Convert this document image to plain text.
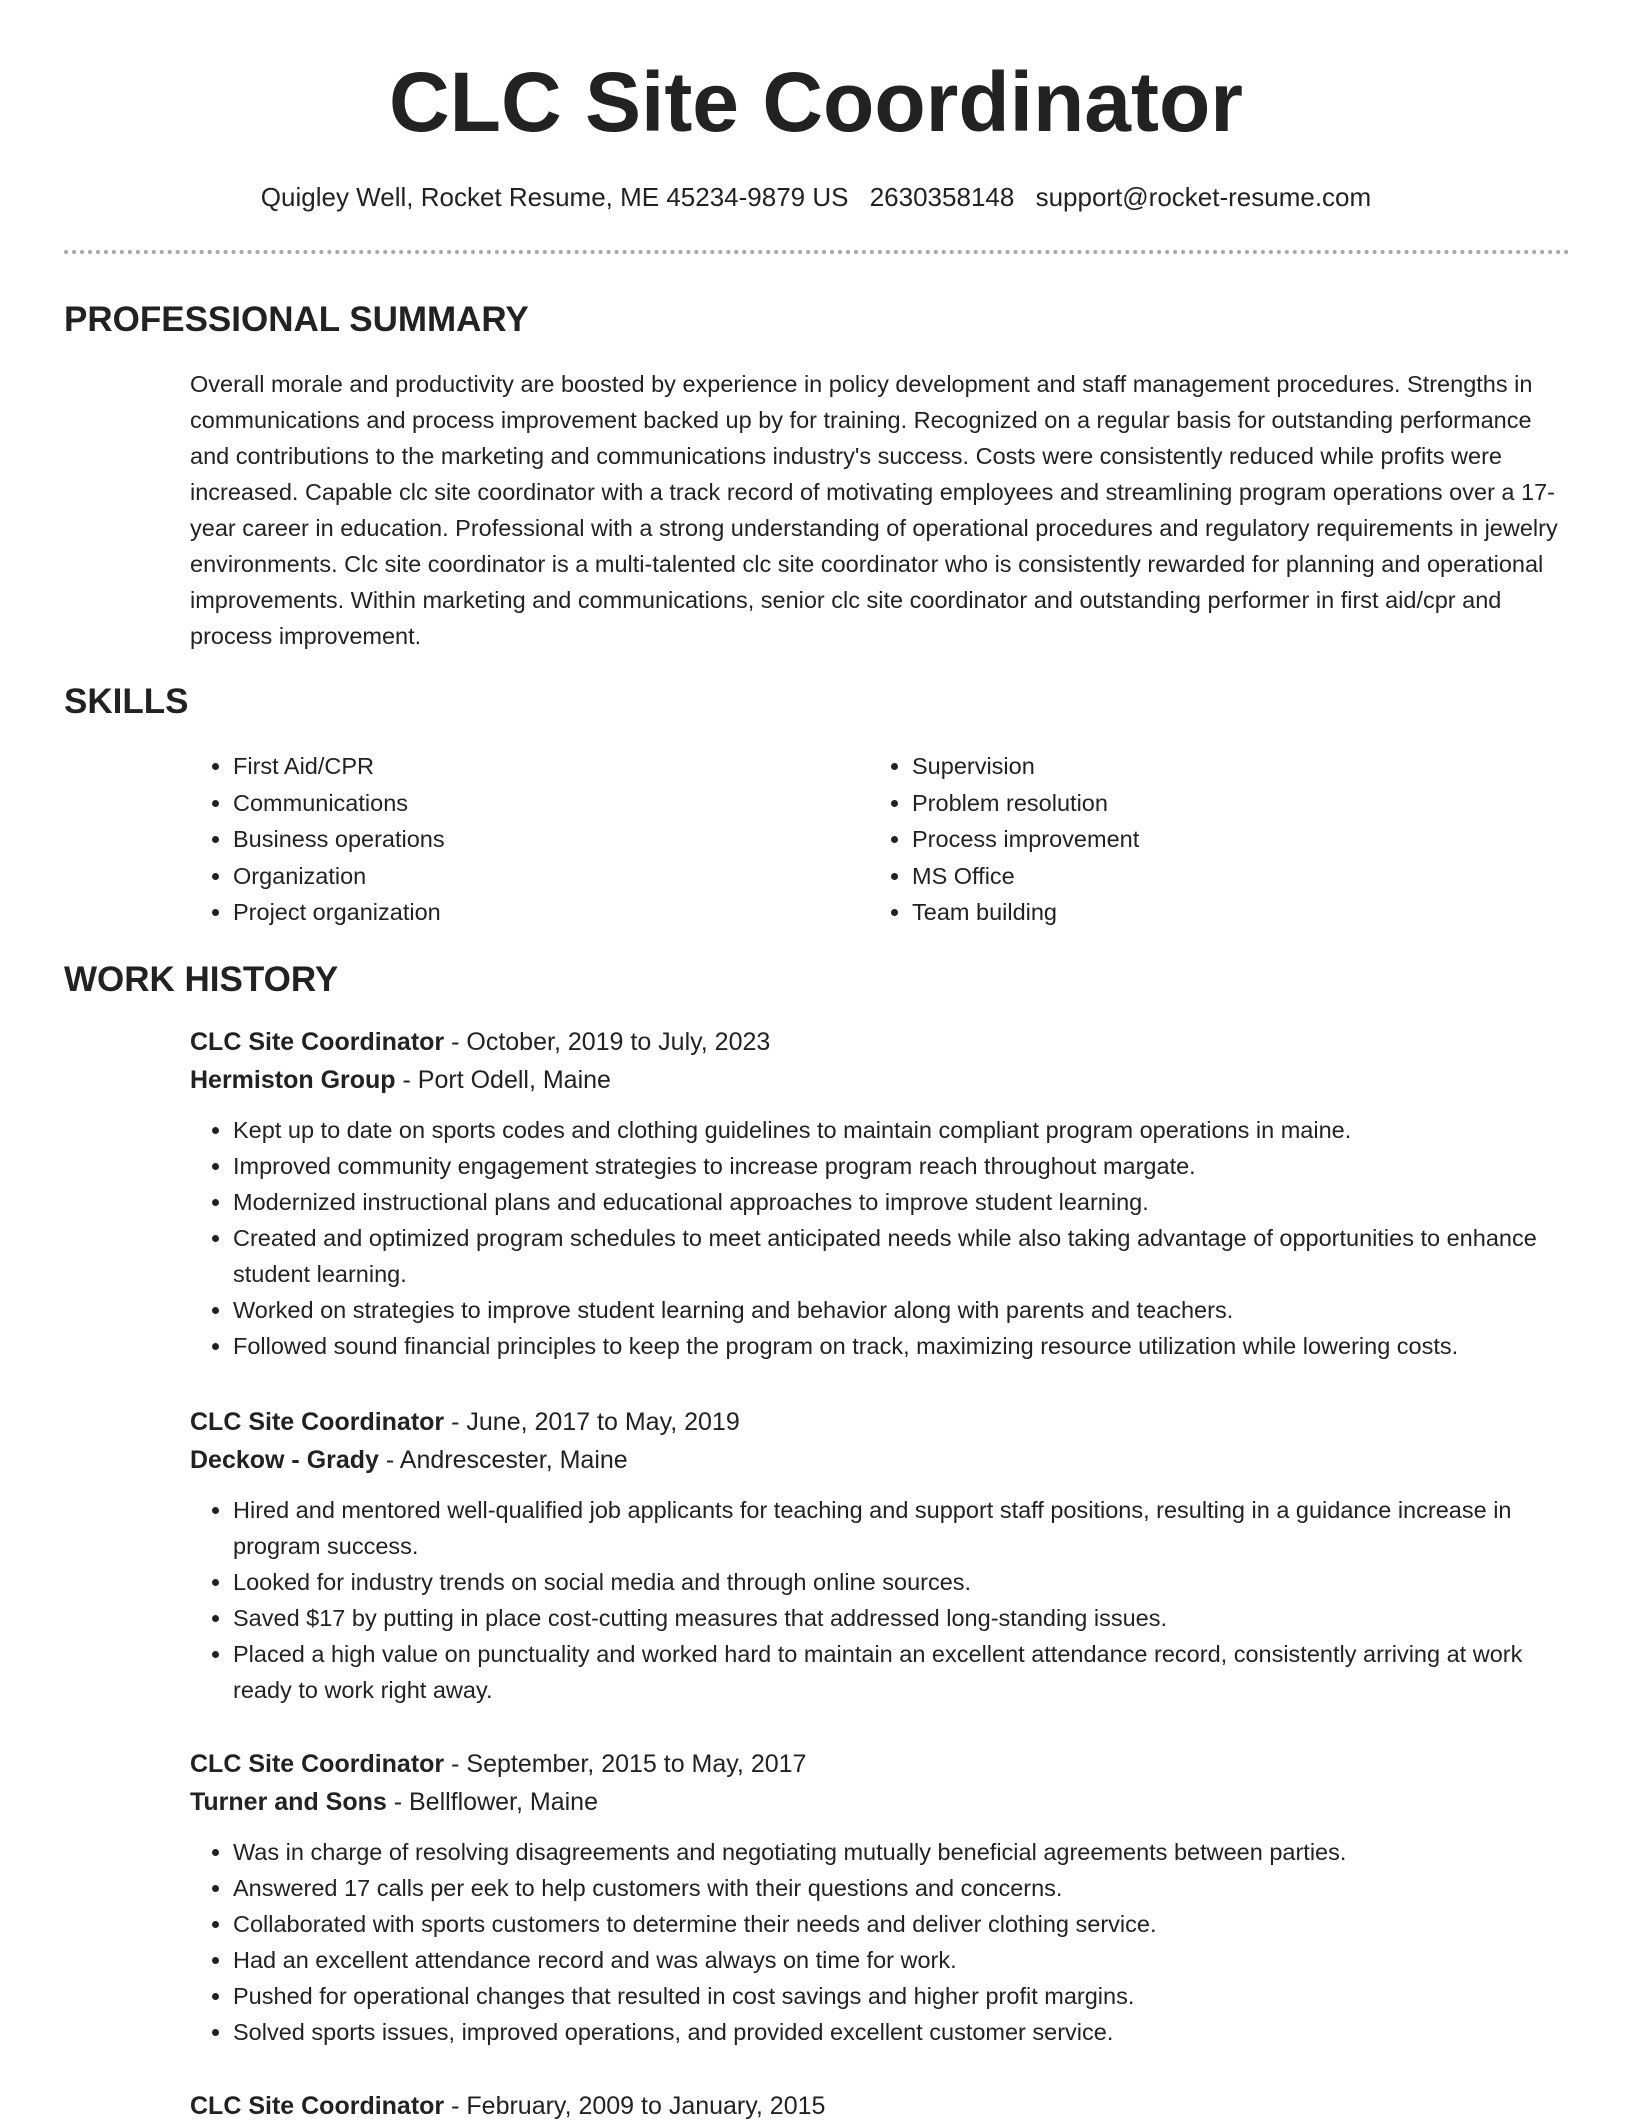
CLC Site Coordinator
Quigley Well, Rocket Resume, ME 45234-9879 US 2630358148 support@rocket-resume.com
PROFESSIONAL SUMMARY

Overall morale and productivity are boosted by experience in policy development and staff management procedures. Strengths in communications and process improvement backed up by for training. Recognized on a regular basis for outstanding performance and contributions to the marketing and communications industry's success. Costs were consistently reduced while profits were increased. Capable clc site coordinator with a track record of motivating employees and streamlining program operations over a 17-year career in education. Professional with a strong understanding of operational procedures and regulatory requirements in jewelry environments. Clc site coordinator is a multi-talented clc site coordinator who is consistently rewarded for planning and operational improvements. Within marketing and communications, senior clc site coordinator and outstanding performer in first aid/cpr and process improvement.

SKILLS
• First Aid/CPR
• Communications
• Business operations
• Organization
• Project organization
• Supervision
• Problem resolution
• Process improvement
• MS Office
• Team building
WORK HISTORY

CLC Site Coordinator - October, 2019 to July, 2023

Hermiston Group - Port Odell, Maine

• Kept up to date on sports codes and clothing guidelines to maintain compliant program operations in maine.
• Improved community engagement strategies to increase program reach throughout margate.
• Modernized instructional plans and educational approaches to improve student learning.
• Created and optimized program schedules to meet anticipated needs while also taking advantage of opportunities to enhance student learning.
• Worked on strategies to improve student learning and behavior along with parents and teachers.
• Followed sound financial principles to keep the program on track, maximizing resource utilization while lowering costs.

CLC Site Coordinator - June, 2017 to May, 2019

Deckow - Grady - Andrescester, Maine

• Hired and mentored well-qualified job applicants for teaching and support staff positions, resulting in a guidance increase in program success.
• Looked for industry trends on social media and through online sources.
• Saved $17 by putting in place cost-cutting measures that addressed long-standing issues.
• Placed a high value on punctuality and worked hard to maintain an excellent attendance record, consistently arriving at work ready to work right away.

CLC Site Coordinator - September, 2015 to May, 2017

Turner and Sons - Bellflower, Maine

• Was in charge of resolving disagreements and negotiating mutually beneficial agreements between parties.
• Answered 17 calls per eek to help customers with their questions and concerns.
• Collaborated with sports customers to determine their needs and deliver clothing service.
• Had an excellent attendance record and was always on time for work.
• Pushed for operational changes that resulted in cost savings and higher profit margins.
• Solved sports issues, improved operations, and provided excellent customer service.

CLC Site Coordinator - February, 2009 to January, 2015
